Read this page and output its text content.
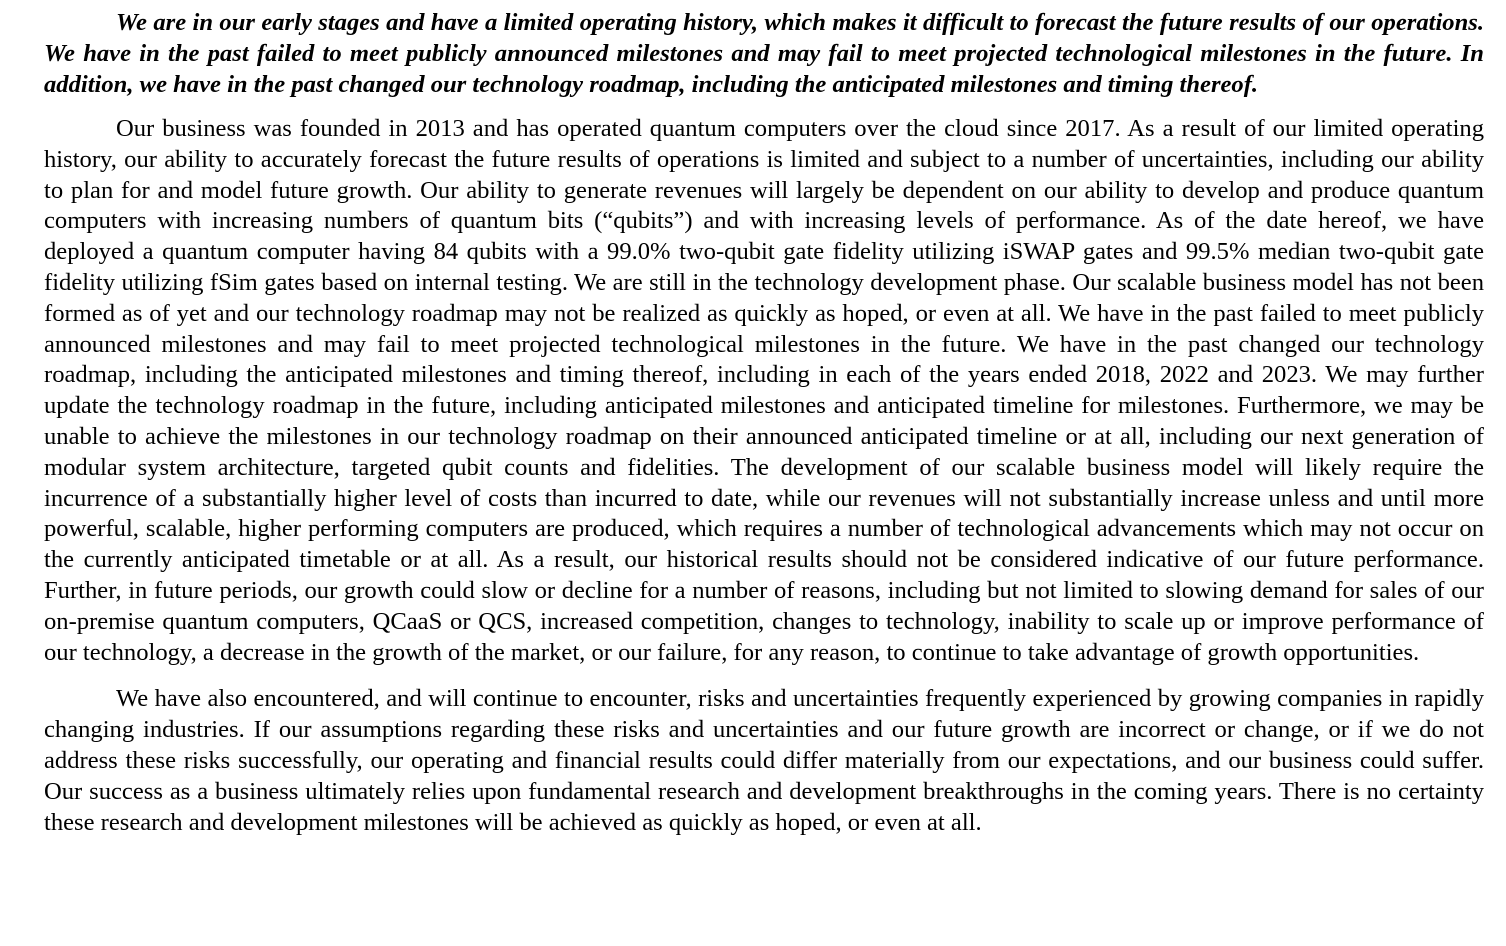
We are in our early stages and have a limited operating history, which makes it difficult to forecast the future results of our operations. We have in the past failed to meet publicly announced milestones and may fail to meet projected technological milestones in the future. In addition, we have in the past changed our technology roadmap, including the anticipated milestones and timing thereof.

Our business was founded in 2013 and has operated quantum computers over the cloud since 2017. As a result of our limited operating history, our ability to accurately forecast the future results of operations is limited and subject to a number of uncertainties, including our ability to plan for and model future growth. Our ability to generate revenues will largely be dependent on our ability to develop and produce quantum computers with increasing numbers of quantum bits (“qubits”) and with increasing levels of performance. As of the date hereof, we have deployed a quantum computer having 84 qubits with a 99.0% two-qubit gate fidelity utilizing iSWAP gates and 99.5% median two-qubit gate fidelity utilizing fSim gates based on internal testing. We are still in the technology development phase. Our scalable business model has not been formed as of yet and our technology roadmap may not be realized as quickly as hoped, or even at all. We have in the past failed to meet publicly announced milestones and may fail to meet projected technological milestones in the future. We have in the past changed our technology roadmap, including the anticipated milestones and timing thereof, including in each of the years ended 2018, 2022 and 2023. We may further update the technology roadmap in the future, including anticipated milestones and anticipated timeline for milestones. Furthermore, we may be unable to achieve the milestones in our technology roadmap on their announced anticipated timeline or at all, including our next generation of modular system architecture, targeted qubit counts and fidelities. The development of our scalable business model will likely require the incurrence of a substantially higher level of costs than incurred to date, while our revenues will not substantially increase unless and until more powerful, scalable, higher performing computers are produced, which requires a number of technological advancements which may not occur on the currently anticipated timetable or at all. As a result, our historical results should not be considered indicative of our future performance. Further, in future periods, our growth could slow or decline for a number of reasons, including but not limited to slowing demand for sales of our on-premise quantum computers, QCaaS or QCS, increased competition, changes to technology, inability to scale up or improve performance of our technology, a decrease in the growth of the market, or our failure, for any reason, to continue to take advantage of growth opportunities.

We have also encountered, and will continue to encounter, risks and uncertainties frequently experienced by growing companies in rapidly changing industries. If our assumptions regarding these risks and uncertainties and our future growth are incorrect or change, or if we do not address these risks successfully, our operating and financial results could differ materially from our expectations, and our business could suffer. Our success as a business ultimately relies upon fundamental research and development breakthroughs in the coming years. There is no certainty these research and development milestones will be achieved as quickly as hoped, or even at all.
